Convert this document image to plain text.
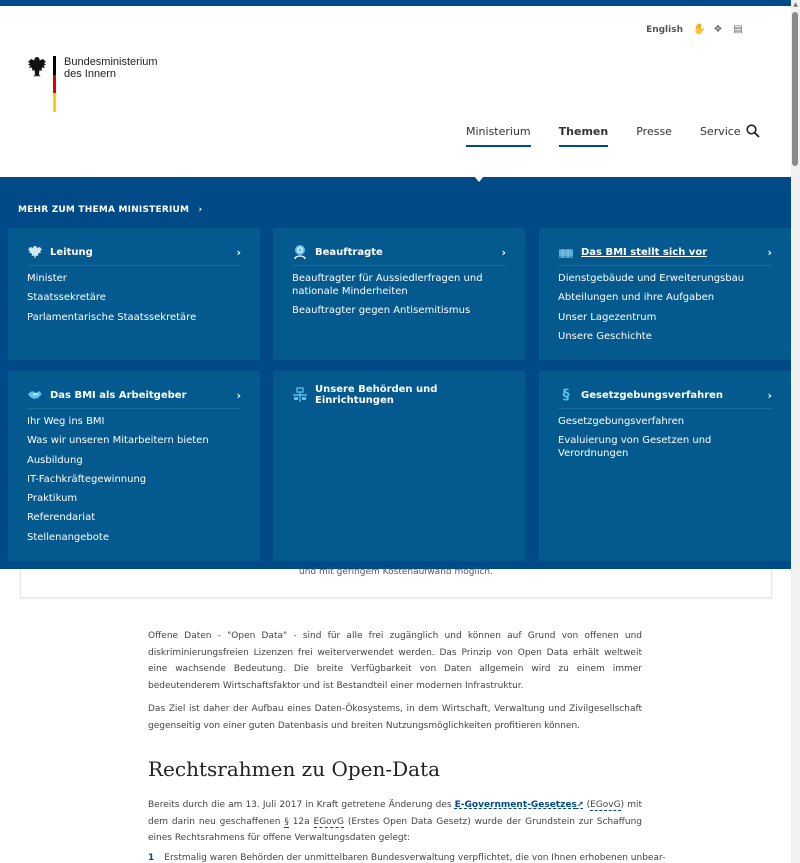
Bundesministerium
des Innern
English ✋ ❖ ▤
Ministerium	Themen	Presse	Service
MEHR ZUM THEMA MINISTERIUM ›
Leitung	›
Minister
Staatssekretäre
Parlamentarische Staatssekretäre
Beauftragte	›
Beauftragter für Aussiedlerfragen und nationale Minderheiten
Beauftragter gegen Antisemitismus
Das BMI stellt sich vor	›
Dienstgebäude und Erweiterungsbau
Abteilungen und ihre Aufgaben
Unser Lagezentrum
Unsere Geschichte
Das BMI als Arbeitgeber	›
Ihr Weg ins BMI
Was wir unseren Mitarbeitern bieten
Ausbildung
IT-Fachkräftegewinnung
Praktikum
Referendariat
Stellenangebote
Unsere Behörden und Einrichtungen	§	Gesetzgebungsverfahren	›
Gesetzgebungsverfahren
Evaluierung von Gesetzen und Verordnungen
und mit geringem Kostenaufwand möglich.
Offene Daten - "Open Data" - sind für alle frei zugänglich und können auf Grund von offenen und diskriminierungsfreien Lizenzen frei weiterverwendet werden. Das Prinzip von Open Data erhält weltweit eine wachsende Bedeutung. Die breite Verfügbarkeit von Daten allgemein wird zu einem immer bedeutenderem Wirtschaftsfaktor und ist Bestandteil einer modernen Infrastruktur.
Das Ziel ist daher der Aufbau eines Daten-Ökosystems, in dem Wirtschaft, Verwaltung und Zivilgesellschaft gegenseitig von einer guten Datenbasis und breiten Nutzungsmöglichkeiten profitieren können.
Rechtsrahmen zu Open-Data
Bereits durch die am 13. Juli 2017 in Kraft getretene Änderung des E-Government-Gesetzes↗ (EGovG) mit dem darin neu geschaffenen § 12a EGovG (Erstes Open Data Gesetz) wurde der Grundstein zur Schaffung eines Rechtsrahmens für offene Verwaltungsdaten gelegt:
1 Erstmalig waren Behörden der unmittelbaren Bundesverwaltung verpflichtet, die von Ihnen erhobenen unbear-
▲
